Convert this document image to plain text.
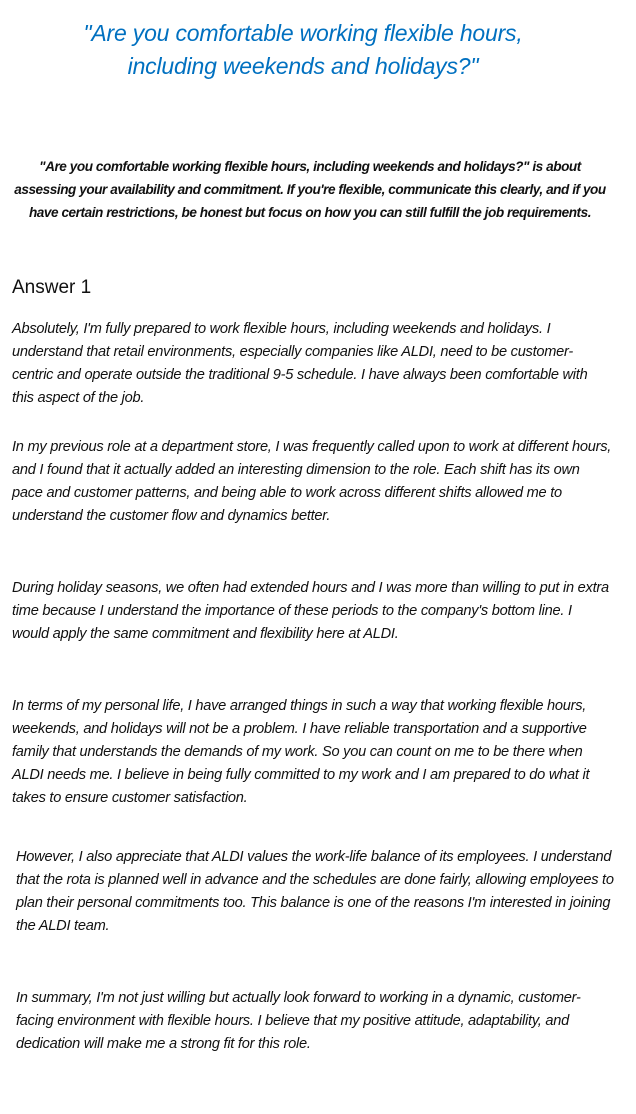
"Are you comfortable working flexible hours, including weekends and holidays?"
"Are you comfortable working flexible hours, including weekends and holidays?" is about assessing your availability and commitment. If you're flexible, communicate this clearly, and if you have certain restrictions, be honest but focus on how you can still fulfill the job requirements.
Answer 1
Absolutely, I'm fully prepared to work flexible hours, including weekends and holidays. I understand that retail environments, especially companies like ALDI, need to be customer-centric and operate outside the traditional 9-5 schedule. I have always been comfortable with this aspect of the job.
In my previous role at a department store, I was frequently called upon to work at different hours, and I found that it actually added an interesting dimension to the role. Each shift has its own pace and customer patterns, and being able to work across different shifts allowed me to understand the customer flow and dynamics better.
During holiday seasons, we often had extended hours and I was more than willing to put in extra time because I understand the importance of these periods to the company's bottom line. I would apply the same commitment and flexibility here at ALDI.
In terms of my personal life, I have arranged things in such a way that working flexible hours, weekends, and holidays will not be a problem. I have reliable transportation and a supportive family that understands the demands of my work. So you can count on me to be there when ALDI needs me. I believe in being fully committed to my work and I am prepared to do what it takes to ensure customer satisfaction.
However, I also appreciate that ALDI values the work-life balance of its employees. I understand that the rota is planned well in advance and the schedules are done fairly, allowing employees to plan their personal commitments too. This balance is one of the reasons I'm interested in joining the ALDI team.
In summary, I'm not just willing but actually look forward to working in a dynamic, customer-facing environment with flexible hours. I believe that my positive attitude, adaptability, and dedication will make me a strong fit for this role.
